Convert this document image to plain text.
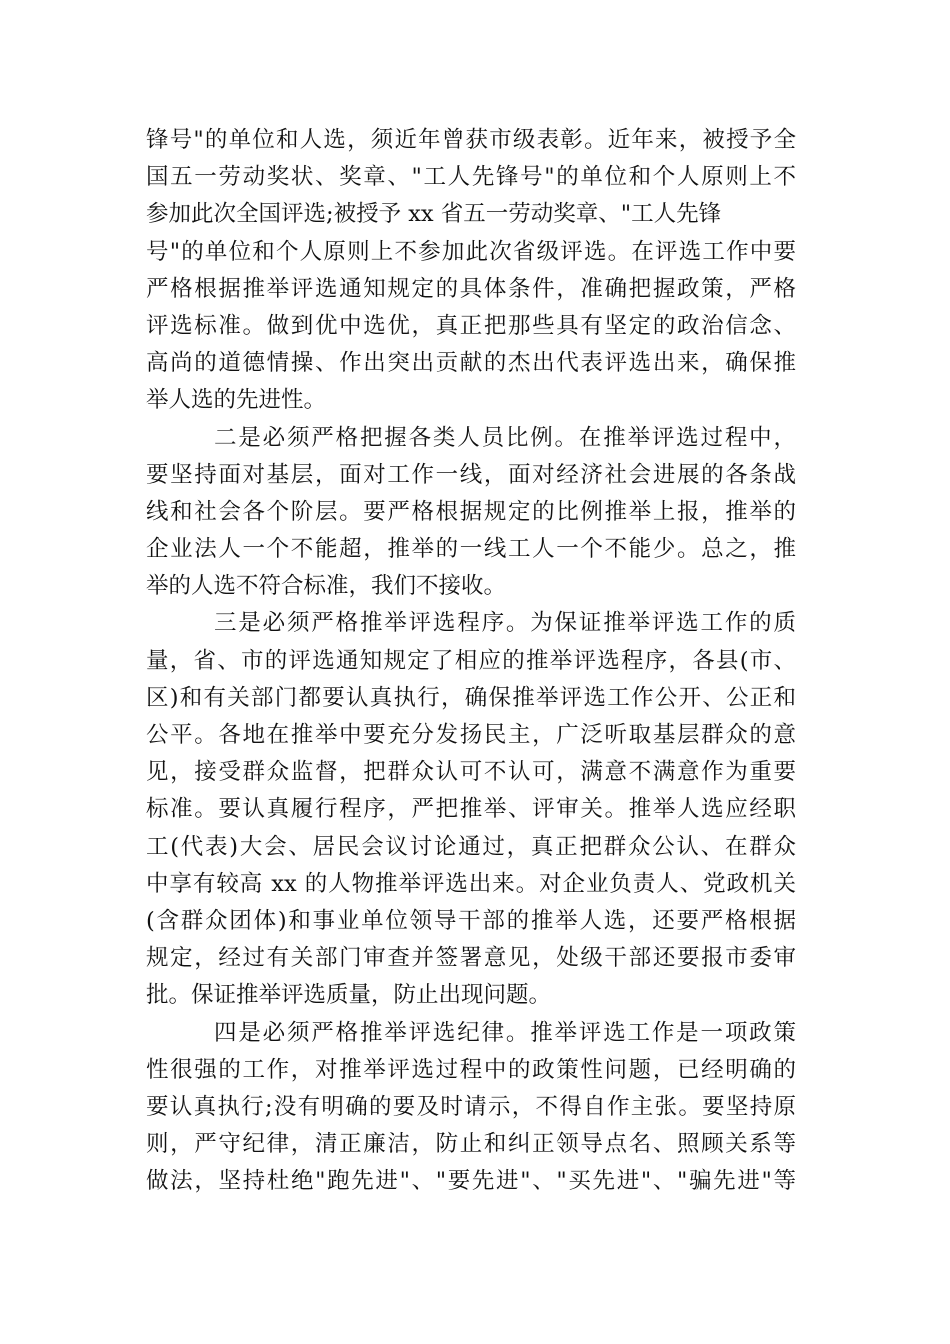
锋号"的单位和人选，须近年曾获市级表彰。近年来，被授予全
国五一劳动奖状、奖章、"工人先锋号"的单位和个人原则上不
参加此次全国评选;被授予 xx 省五一劳动奖章、"工人先锋
号"的单位和个人原则上不参加此次省级评选。在评选工作中要
严格根据推举评选通知规定的具体条件，准确把握政策，严格
评选标准。做到优中选优，真正把那些具有坚定的政治信念、
高尚的道德情操、作出突出贡献的杰出代表评选出来，确保推
举人选的先进性。
二是必须严格把握各类人员比例。在推举评选过程中，
要坚持面对基层，面对工作一线，面对经济社会进展的各条战
线和社会各个阶层。要严格根据规定的比例推举上报，推举的
企业法人一个不能超，推举的一线工人一个不能少。总之，推
举的人选不符合标准，我们不接收。
三是必须严格推举评选程序。为保证推举评选工作的质
量，省、市的评选通知规定了相应的推举评选程序，各县(市、
区)和有关部门都要认真执行，确保推举评选工作公开、公正和
公平。各地在推举中要充分发扬民主，广泛听取基层群众的意
见，接受群众监督，把群众认可不认可，满意不满意作为重要
标准。要认真履行程序，严把推举、评审关。推举人选应经职
工(代表)大会、居民会议讨论通过，真正把群众公认、在群众
中享有较高 xx 的人物推举评选出来。对企业负责人、党政机关
(含群众团体)和事业单位领导干部的推举人选，还要严格根据
规定，经过有关部门审查并签署意见，处级干部还要报市委审
批。保证推举评选质量，防止出现问题。
四是必须严格推举评选纪律。推举评选工作是一项政策
性很强的工作，对推举评选过程中的政策性问题，已经明确的
要认真执行;没有明确的要及时请示，不得自作主张。要坚持原
则，严守纪律，清正廉洁，防止和纠正领导点名、照顾关系等
做法，坚持杜绝"跑先进"、"要先进"、"买先进"、"骗先进"等
